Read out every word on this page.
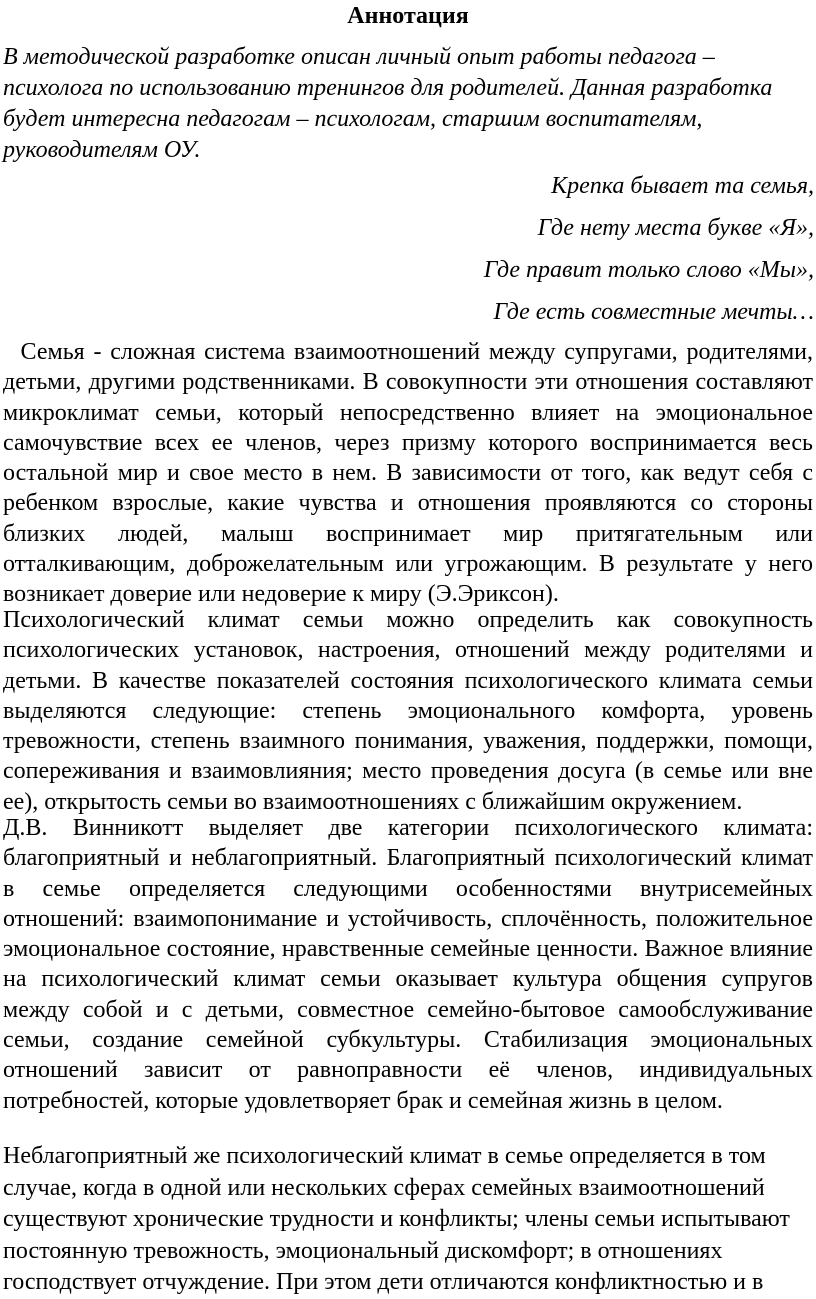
Аннотация
В методической разработке описан личный опыт работы педагога –
психолога по использованию тренингов для родителей. Данная разработка
будет интересна педагогам – психологам, старшим воспитателям,
руководителям ОУ.
Крепка бывает та семья,
Где нету места букве «Я»,
Где правит только слово «Мы»,
Где есть совместные мечты…
Семья - сложная система взаимоотношений между супругами, родителями,
детьми, другими родственниками. В совокупности эти отношения составляют
микроклимат семьи, который непосредственно влияет на эмоциональное
самочувствие всех ее членов, через призму которого воспринимается весь
остальной мир и свое место в нем. В зависимости от того, как ведут себя с
ребенком взрослые, какие чувства и отношения проявляются со стороны
близких людей, малыш воспринимает мир притягательным или
отталкивающим, доброжелательным или угрожающим. В результате у него
возникает доверие или недоверие к миру (Э.Эриксон).
Психологический климат семьи можно определить как совокупность
психологических установок, настроения, отношений между родителями и
детьми. В качестве показателей состояния психологического климата семьи
выделяются следующие: степень эмоционального комфорта, уровень
тревожности, степень взаимного понимания, уважения, поддержки, помощи,
сопереживания и взаимовлияния; место проведения досуга (в семье или вне
ее), открытость семьи во взаимоотношениях с ближайшим окружением.
Д.В. Винникотт выделяет две категории психологического климата:
благоприятный и неблагоприятный. Благоприятный психологический климат
в семье определяется следующими особенностями внутрисемейных
отношений: взаимопонимание и устойчивость, сплочённость, положительное
эмоциональное состояние, нравственные семейные ценности. Важное влияние
на психологический климат семьи оказывает культура общения супругов
между собой и с детьми, совместное семейно-бытовое самообслуживание
семьи, создание семейной субкультуры. Стабилизация эмоциональных
отношений зависит от равноправности её членов, индивидуальных
потребностей, которые удовлетворяет брак и семейная жизнь в целом.
Неблагоприятный же психологический климат в семье определяется в том
случае, когда в одной или нескольких сферах семейных взаимоотношений
существуют хронические трудности и конфликты; члены семьи испытывают
постоянную тревожность, эмоциональный дискомфорт; в отношениях
господствует отчуждение. При этом дети отличаются конфликтностью и в
